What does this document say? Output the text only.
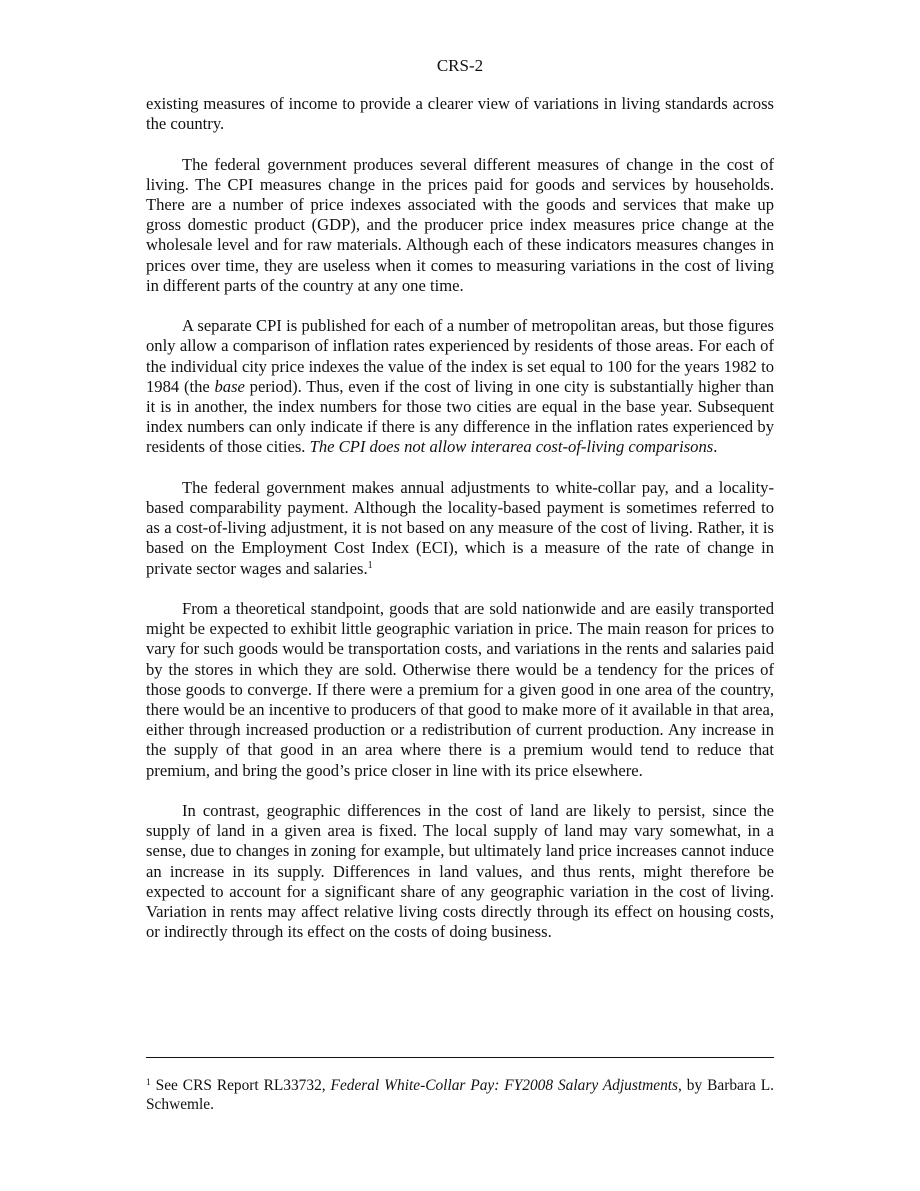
CRS-2

existing measures of income to provide a clearer view of variations in living standards across the country.

The federal government produces several different measures of change in the cost of living. The CPI measures change in the prices paid for goods and services by households. There are a number of price indexes associated with the goods and services that make up gross domestic product (GDP), and the producer price index measures price change at the wholesale level and for raw materials. Although each of these indicators measures changes in prices over time, they are useless when it comes to measuring variations in the cost of living in different parts of the country at any one time.

A separate CPI is published for each of a number of metropolitan areas, but those figures only allow a comparison of inflation rates experienced by residents of those areas. For each of the individual city price indexes the value of the index is set equal to 100 for the years 1982 to 1984 (the base period). Thus, even if the cost of living in one city is substantially higher than it is in another, the index numbers for those two cities are equal in the base year. Subsequent index numbers can only indicate if there is any difference in the inflation rates experienced by residents of those cities. The CPI does not allow interarea cost-of-living comparisons.

The federal government makes annual adjustments to white-collar pay, and a locality-based comparability payment. Although the locality-based payment is sometimes referred to as a cost-of-living adjustment, it is not based on any measure of the cost of living. Rather, it is based on the Employment Cost Index (ECI), which is a measure of the rate of change in private sector wages and salaries.$^1$

From a theoretical standpoint, goods that are sold nationwide and are easily transported might be expected to exhibit little geographic variation in price. The main reason for prices to vary for such goods would be transportation costs, and variations in the rents and salaries paid by the stores in which they are sold. Otherwise there would be a tendency for the prices of those goods to converge. If there were a premium for a given good in one area of the country, there would be an incentive to producers of that good to make more of it available in that area, either through increased production or a redistribution of current production. Any increase in the supply of that good in an area where there is a premium would tend to reduce that premium, and bring the good’s price closer in line with its price elsewhere.

In contrast, geographic differences in the cost of land are likely to persist, since the supply of land in a given area is fixed. The local supply of land may vary somewhat, in a sense, due to changes in zoning for example, but ultimately land price increases cannot induce an increase in its supply. Differences in land values, and thus rents, might therefore be expected to account for a significant share of any geographic variation in the cost of living. Variation in rents may affect relative living costs directly through its effect on housing costs, or indirectly through its effect on the costs of doing business.

$^1$ See CRS Report RL33732, Federal White-Collar Pay: FY2008 Salary Adjustments, by Barbara L. Schwemle.
